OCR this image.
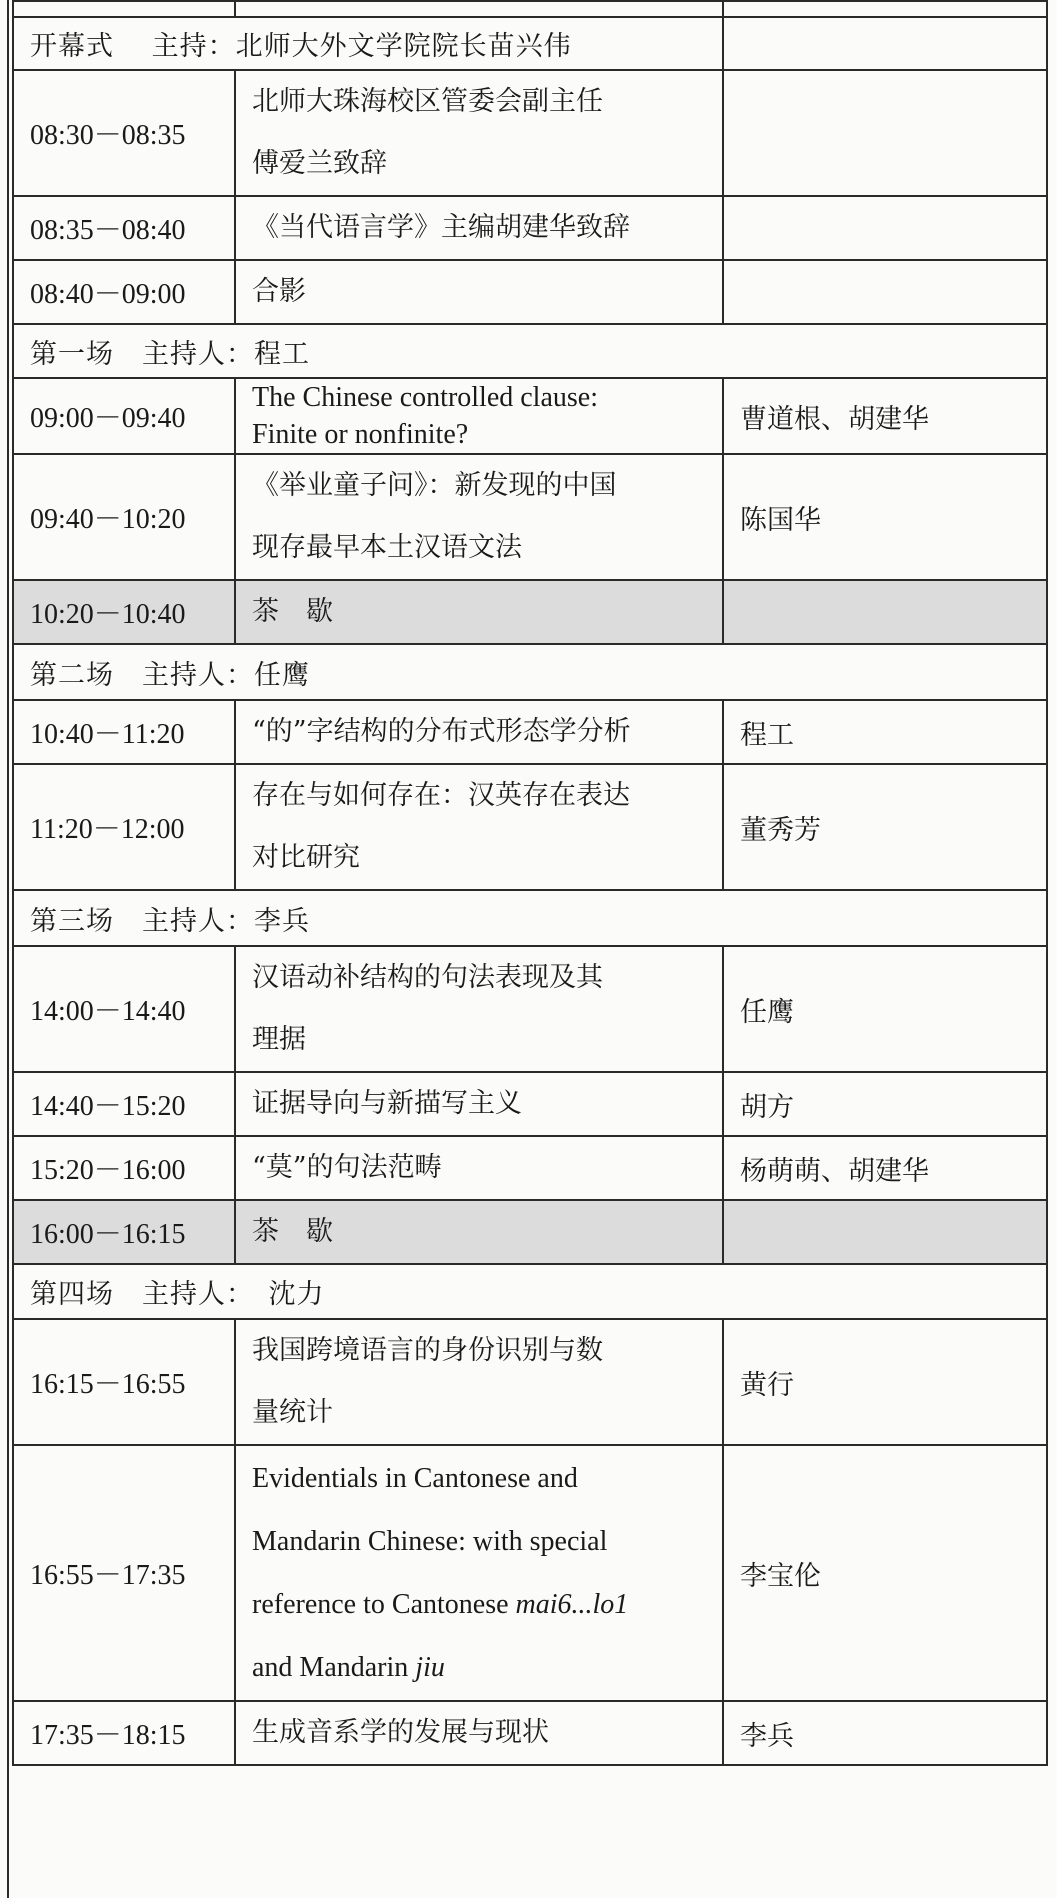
开幕式　 主持：北师大外文学院院长苗兴伟		
08:30－08:35	北师大珠海校区管委会副主任
傅爱兰致辞	

08:35－08:40	《当代语言学》主编胡建华致辞	
08:40－09:00	合影	
第一场　主持人：程工		
09:00－09:40	The Chinese controlled clause:
Finite or nonfinite?	曹道根、胡建华
09:40－10:20	《举业童子问》：新发现的中国
现存最早本土汉语文法	陈国华
10:20－10:40	茶　歇	
第二场　主持人：任鹰		
10:40－11:20	“的”字结构的分布式形态学分析	程工
11:20－12:00	存在与如何存在：汉英存在表达
对比研究	董秀芳
第三场　主持人：李兵		
14:00－14:40	汉语动补结构的句法表现及其
理据	任鹰
14:40－15:20	证据导向与新描写主义	胡方
15:20－16:00	“莫”的句法范畴	杨萌萌、胡建华
16:00－16:15	茶　歇	
第四场　主持人：　沈力		
16:15－16:55	我国跨境语言的身份识别与数
量统计	黄行
16:55－17:35	Evidentials in Cantonese and
Mandarin Chinese: with special
reference to Cantonese mai6...lo1
and Mandarin jiu	李宝伦
17:35－18:15	生成音系学的发展与现状	李兵
